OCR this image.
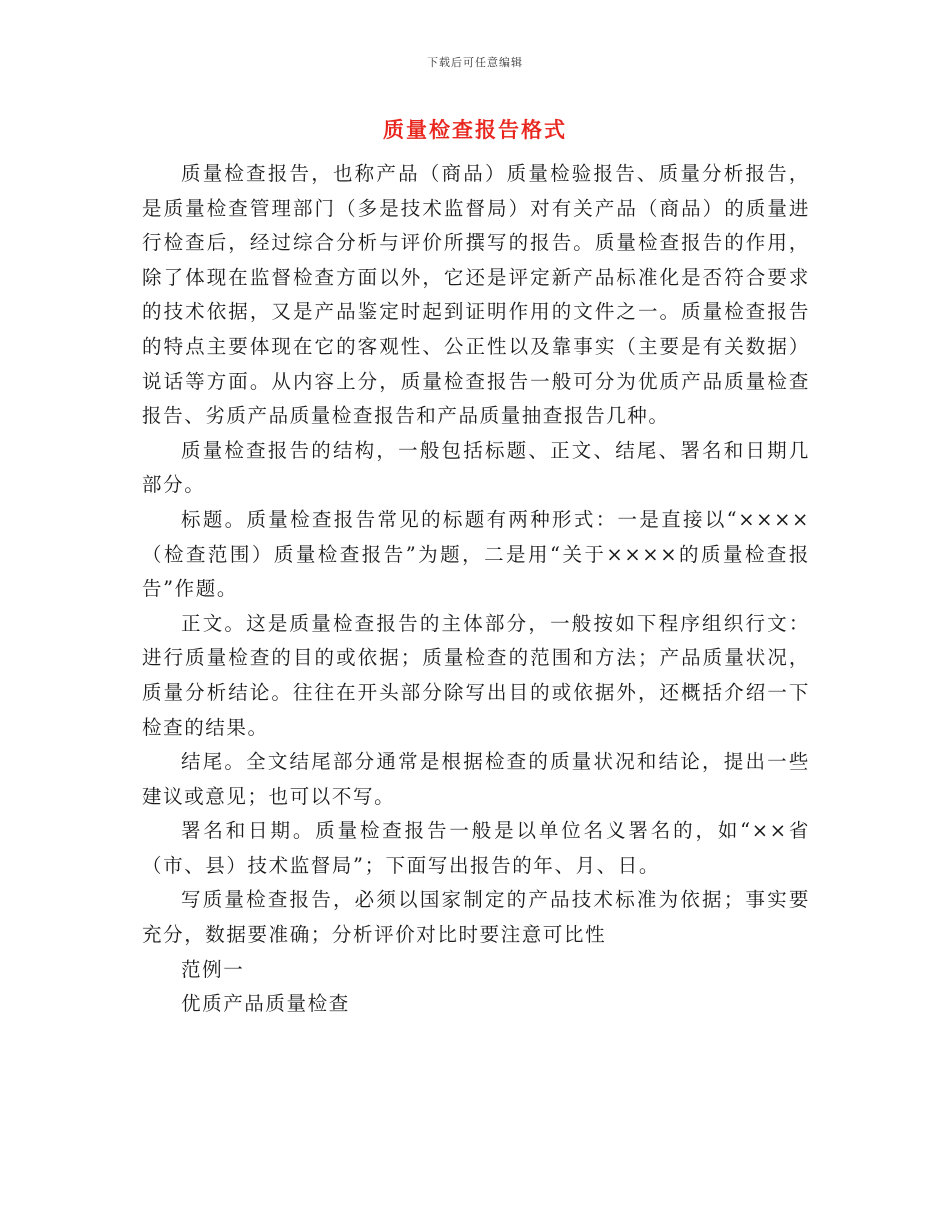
下载后可任意编辑
质量检查报告格式

质量检查报告，也称产品（商品）质量检验报告、质量分析报告，是质量检查管理部门（多是技术监督局）对有关产品（商品）的质量进行检查后，经过综合分析与评价所撰写的报告。质量检查报告的作用，除了体现在监督检查方面以外，它还是评定新产品标准化是否符合要求的技术依据，又是产品鉴定时起到证明作用的文件之一。质量检查报告的特点主要体现在它的客观性、公正性以及靠事实（主要是有关数据）说话等方面。从内容上分，质量检查报告一般可分为优质产品质量检查报告、劣质产品质量检查报告和产品质量抽查报告几种。

质量检查报告的结构，一般包括标题、正文、结尾、署名和日期几部分。

标题。质量检查报告常见的标题有两种形式：一是直接以“××××（检查范围）质量检查报告”为题，二是用“关于××××的质量检查报告”作题。

正文。这是质量检查报告的主体部分，一般按如下程序组织行文：进行质量检查的目的或依据；质量检查的范围和方法；产品质量状况，质量分析结论。往往在开头部分除写出目的或依据外，还概括介绍一下检查的结果。

结尾。全文结尾部分通常是根据检查的质量状况和结论，提出一些建议或意见；也可以不写。

署名和日期。质量检查报告一般是以单位名义署名的，如“××省（市、县）技术监督局”；下面写出报告的年、月、日。

写质量检查报告，必须以国家制定的产品技术标准为依据；事实要充分，数据要准确；分析评价对比时要注意可比性

范例一

优质产品质量检查
